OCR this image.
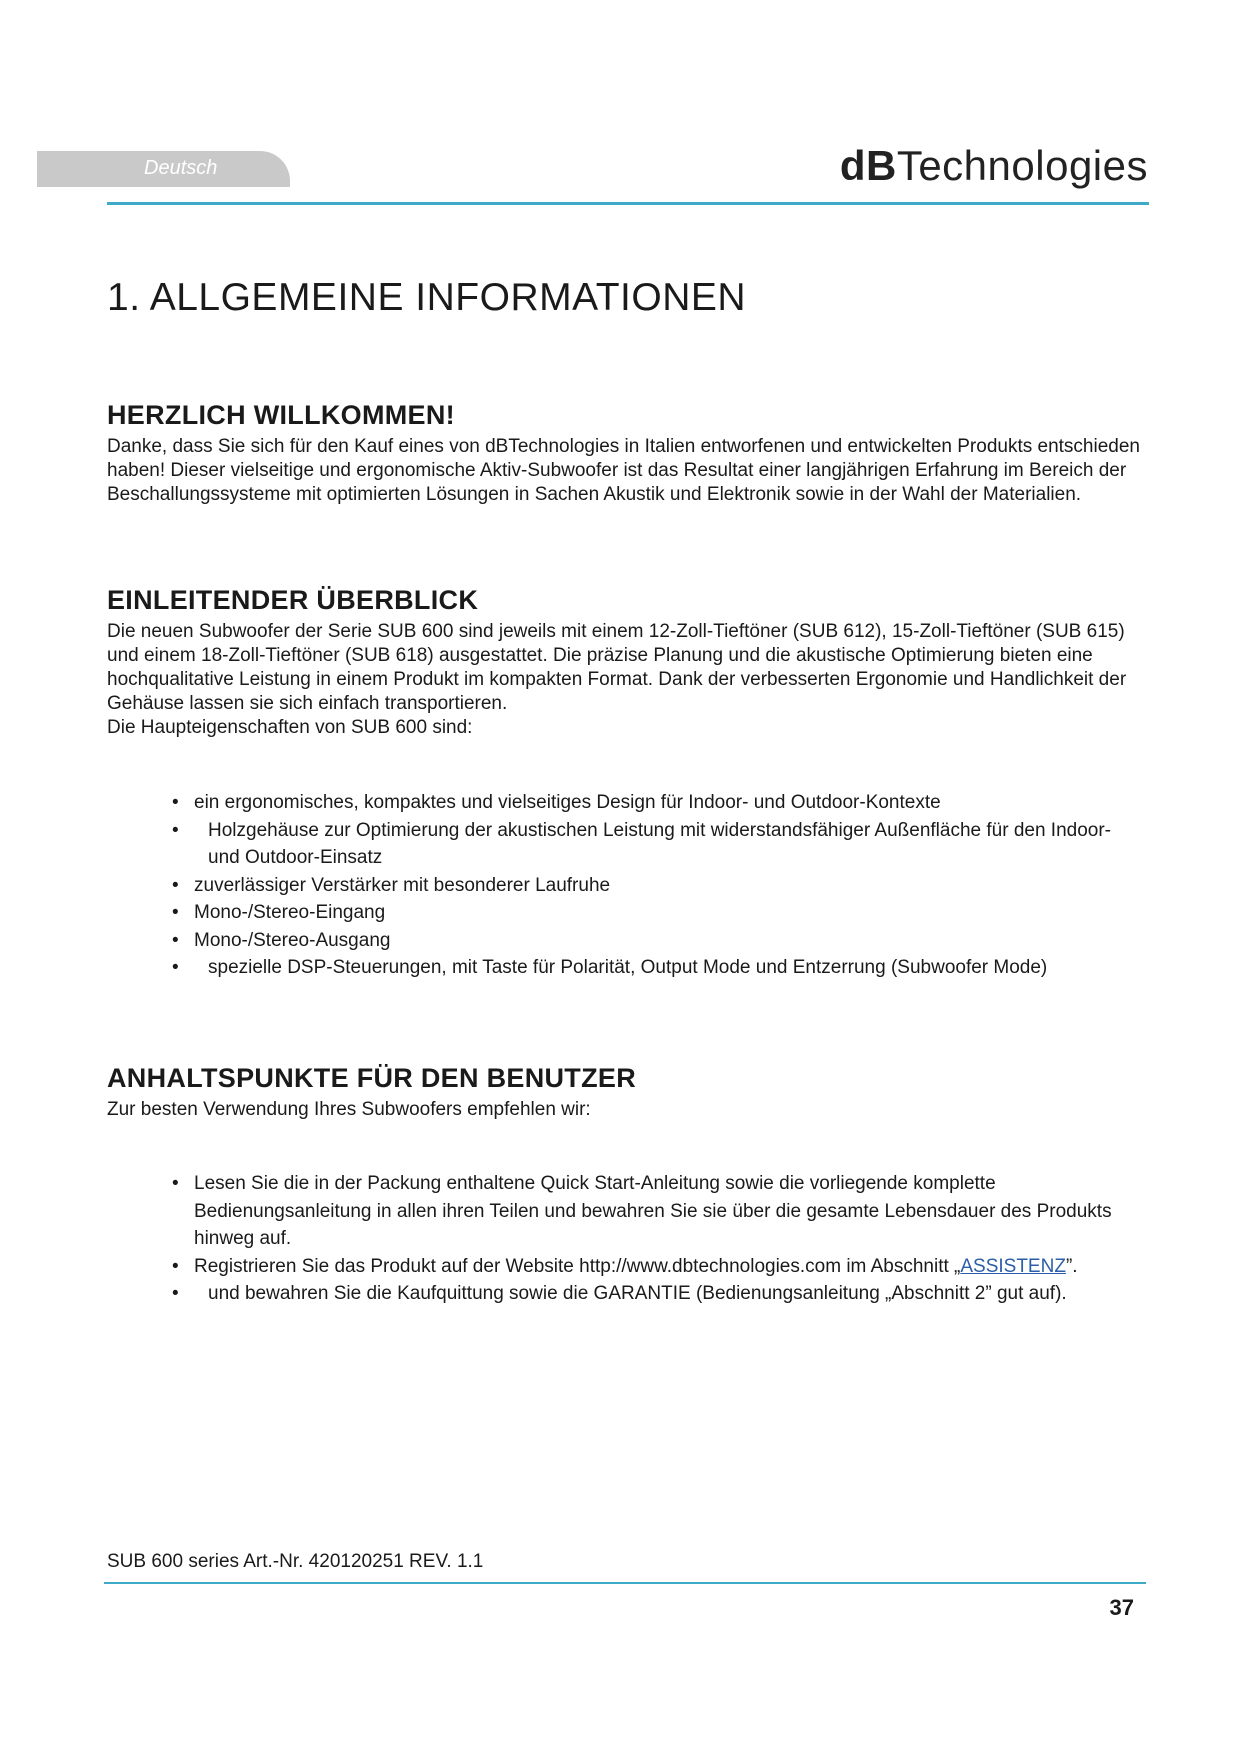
Deutsch	dBTechnologies
1. ALLGEMEINE INFORMATIONEN
HERZLICH WILLKOMMEN!

Danke, dass Sie sich für den Kauf eines von dBTechnologies in Italien entworfenen und entwickelten Produkts entschieden haben! Dieser vielseitige und ergonomische Aktiv-Subwoofer ist das Resultat einer langjährigen Erfahrung im Bereich der Beschallungssysteme mit optimierten Lösungen in Sachen Akustik und Elektronik sowie in der Wahl der Materialien.

EINLEITENDER ÜBERBLICK

Die neuen Subwoofer der Serie SUB 600 sind jeweils mit einem 12-Zoll-Tieftöner (SUB 612), 15-Zoll-Tieftöner (SUB 615) und einem 18-Zoll-Tieftöner (SUB 618) ausgestattet. Die präzise Planung und die akustische Optimierung bieten eine hochqualitative Leistung in einem Produkt im kompakten Format. Dank der verbesserten Ergonomie und Handlichkeit der Gehäuse lassen sie sich einfach transportieren.

Die Haupteigenschaften von SUB 600 sind:

• ein ergonomisches, kompaktes und vielseitiges Design für Indoor- und Outdoor-Kontexte
• Holzgehäuse zur Optimierung der akustischen Leistung mit widerstandsfähiger Außenfläche für den Indoor- und Outdoor-Einsatz
• zuverlässiger Verstärker mit besonderer Laufruhe
• Mono-/Stereo-Eingang
• Mono-/Stereo-Ausgang
• spezielle DSP-Steuerungen, mit Taste für Polarität, Output Mode und Entzerrung (Subwoofer Mode)
ANHALTSPUNKTE FÜR DEN BENUTZER

Zur besten Verwendung Ihres Subwoofers empfehlen wir:

• Lesen Sie die in der Packung enthaltene Quick Start-Anleitung sowie die vorliegende komplette Bedienungsanleitung in allen ihren Teilen und bewahren Sie sie über die gesamte Lebensdauer des Produkts hinweg auf.
• Registrieren Sie das Produkt auf der Website http://www.dbtechnologies.com im Abschnitt „ASSISTENZ”.
• und bewahren Sie die Kaufquittung sowie die GARANTIE (Bedienungsanleitung „Abschnitt 2” gut auf).
SUB 600 series Art.-Nr. 420120251 REV. 1.1
37
